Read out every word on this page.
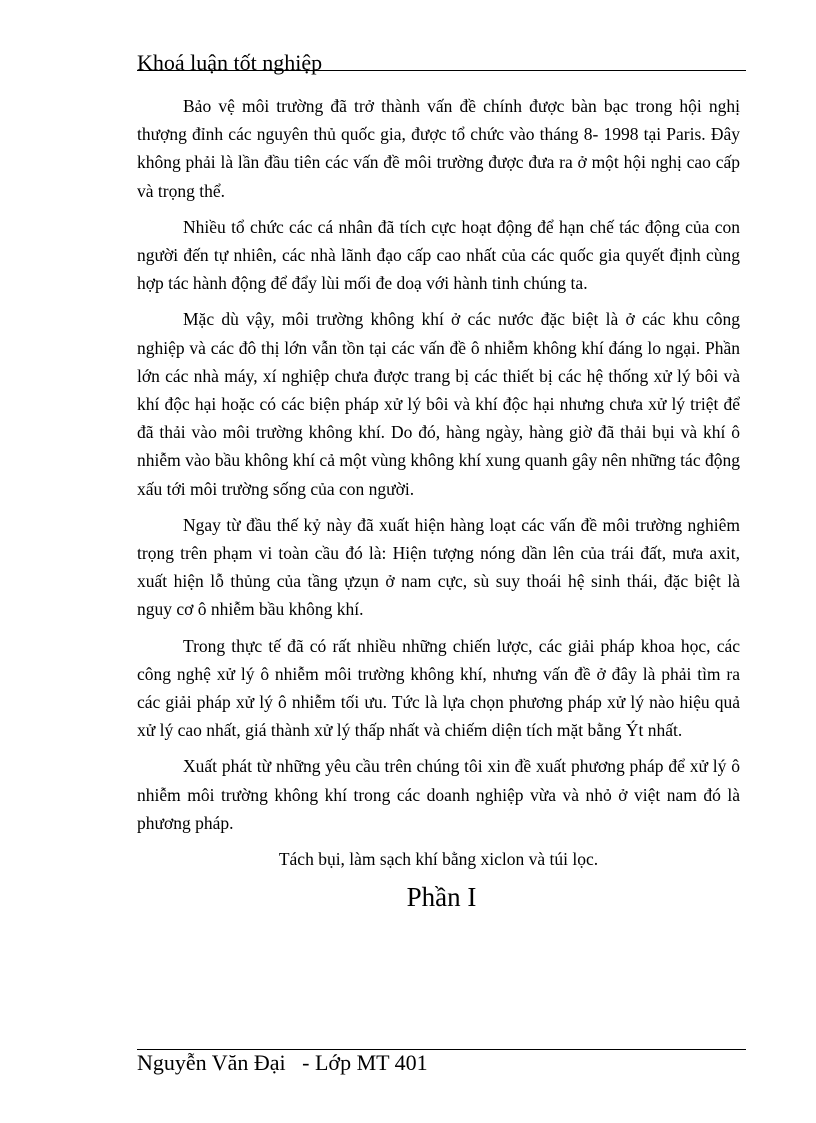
Khoá luận tốt nghiệp

Bảo vệ môi trường đã trở thành vấn đề chính được bàn bạc trong hội nghị thượng đỉnh các nguyên thủ quốc gia, được tổ chức vào tháng 8- 1998 tại Paris. Đây không phải là lần đầu tiên các vấn đề môi trường được đưa ra ở một hội nghị cao cấp và trọng thể.

Nhiều tổ chức các cá nhân đã tích cực hoạt động để hạn chế tác động của con người đến tự nhiên, các nhà lãnh đạo cấp cao nhất của các quốc gia quyết định cùng hợp tác hành động để đẩy lùi mối đe doạ với hành tinh chúng ta.

Mặc dù vậy, môi trường không khí ở các nước đặc biệt là ở các khu công nghiệp và các đô thị lớn vẫn tồn tại các vấn đề ô nhiễm không khí đáng lo ngại. Phần lớn các nhà máy, xí nghiệp chưa được trang bị các thiết bị các hệ thống xử lý bôi và khí độc hại hoặc có các biện pháp xử lý bôi và khí độc hại nhưng chưa xử lý triệt để đã thải vào môi trường không khí. Do đó, hàng ngày, hàng giờ đã thải bụi và khí ô nhiễm vào bầu không khí cả một vùng không khí xung quanh gây nên những tác động xấu tới môi trường sống của con người.

Ngay từ đầu thế kỷ này đã xuất hiện hàng loạt các vấn đề môi trường nghiêm trọng trên phạm vi toàn cầu đó là: Hiện tượng nóng dần lên của trái đất, mưa axit, xuất hiện lỗ thủng của tầng ựzụn ở nam cực, sù suy thoái hệ sinh thái, đặc biệt là nguy cơ ô nhiễm bầu không khí.

Trong thực tế đã có rất nhiều những chiến lược, các giải pháp khoa học, các công nghệ xử lý ô nhiễm môi trường không khí, nhưng vấn đề ở đây là phải tìm ra các giải pháp xử lý ô nhiễm tối ưu. Tức là lựa chọn phương pháp xử lý nào hiệu quả xử lý cao nhất, giá thành xử lý thấp nhất và chiếm diện tích mặt bằng Ýt nhất.

Xuất phát từ những yêu cầu trên chúng tôi xin đề xuất phương pháp để xử lý ô nhiễm môi trường không khí trong các doanh nghiệp vừa và nhỏ ở việt nam đó là phương pháp.

Tách bụi, làm sạch khí bằng xiclon và túi lọc.

Phần I

Nguyễn Văn Đại   - Lớp MT 401
